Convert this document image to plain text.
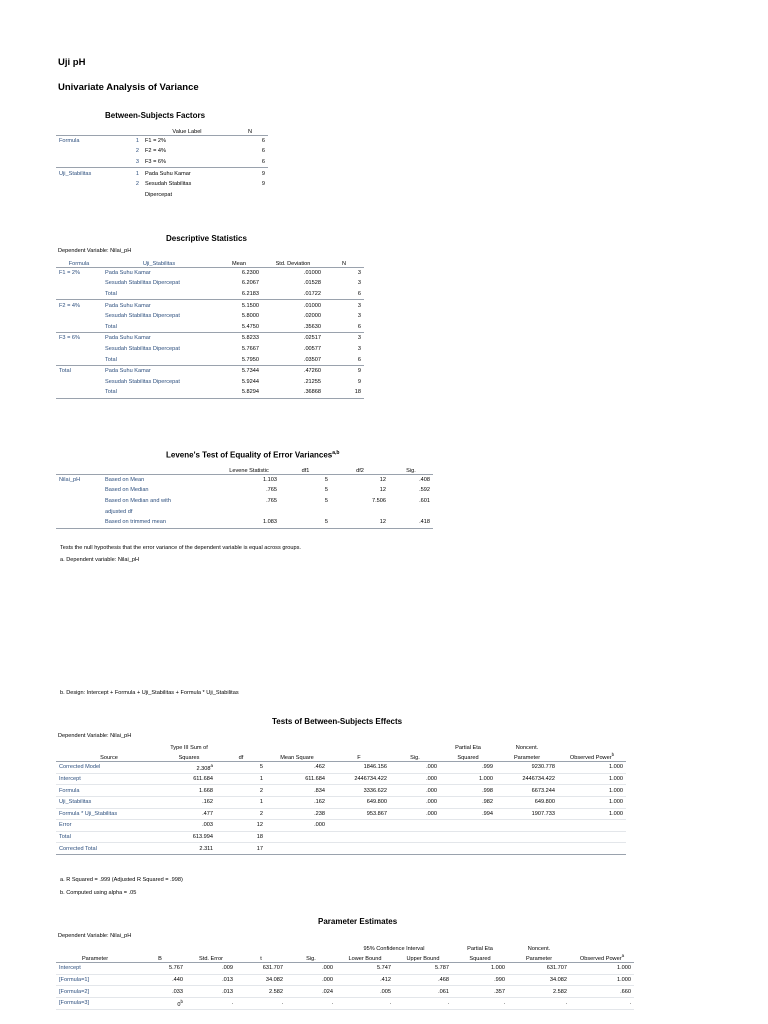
Uji pH
Univariate Analysis of Variance
Between-Subjects Factors
		Value Label	N
Formula	1	F1 = 2%	6
	2	F2 = 4%	6
	3	F3 = 6%	6
Uji_Stabilitas	1	Pada Suhu Kamar	9
	2	Sesudah Stabilitas	9
		Dipercepat	
Descriptive Statistics
Dependent Variable: Nilai_pH
Formula	Uji_Stabilitas	Mean	Std. Deviation	N
F1 = 2%	Pada Suhu Kamar	6.2300	.01000	3
	Sesudah Stabilitas Dipercepat	6.2067	.01528	3
	Total	6.2183	.01722	6
F2 = 4%	Pada Suhu Kamar	5.1500	.01000	3
	Sesudah Stabilitas Dipercepat	5.8000	.02000	3
	Total	5.4750	.35630	6
F3 = 6%	Pada Suhu Kamar	5.8233	.02517	3
	Sesudah Stabilitas Dipercepat	5.7667	.00577	3
	Total	5.7950	.03507	6
Total	Pada Suhu Kamar	5.7344	.47260	9
	Sesudah Stabilitas Dipercepat	5.9244	.21255	9
	Total	5.8294	.36868	18
Levene's Test of Equality of Error Variances$^{a,b}$
		Levene Statistic	df1	df2	Sig.
Nilai_pH	Based on Mean	1.103	5	12	.408
	Based on Median	.765	5	12	.592
	Based on Median and with	.765	5	7.506	.601
	adjusted df				
	Based on trimmed mean	1.083	5	12	.418
Tests the null hypothesis that the error variance of the dependent variable is equal across groups.
a. Dependent variable: Nilai_pH
b. Design: Intercept + Formula + Uji_Stabilitas + Formula * Uji_Stabilitas
Tests of Between-Subjects Effects
Dependent Variable: Nilai_pH
	Type III Sum of					Partial Eta	Noncent.	
Source	Squares	df	Mean Square	F	Sig.	Squared	Parameter	Observed Power$^b$
Corrected Model	2.308$^a$	5	.462	1846.156	.000	.999	9230.778	1.000
Intercept	611.684	1	611.684	2446734.422	.000	1.000	2446734.422	1.000
Formula	1.668	2	.834	3336.622	.000	.998	6673.244	1.000
Uji_Stabilitas	.162	1	.162	649.800	.000	.982	649.800	1.000
Formula * Uji_Stabilitas	.477	2	.238	953.867	.000	.994	1907.733	1.000
Error	.003	12	.000					
Total	613.994	18						
Corrected Total	2.311	17						
a. R Squared = .999 (Adjusted R Squared = .998)
b. Computed using alpha = .05
Parameter Estimates
Dependent Variable: Nilai_pH
					95% Confidence Interval		Partial Eta	Noncent.	
Parameter	B	Std. Error	t	Sig.	Lower Bound	Upper Bound	Squared	Parameter	Observed Power$^a$
Intercept	5.767	.009	631.707	.000	5.747	5.787	1.000	631.707	1.000
[Formula=1]	.440	.013	34.082	.000	.412	.468	.990	34.082	1.000
[Formula=2]	.033	.013	2.582	.024	.005	.061	.357	2.582	.660
[Formula=3]	0$^b$	.	.	.	.	.	.	.	.
